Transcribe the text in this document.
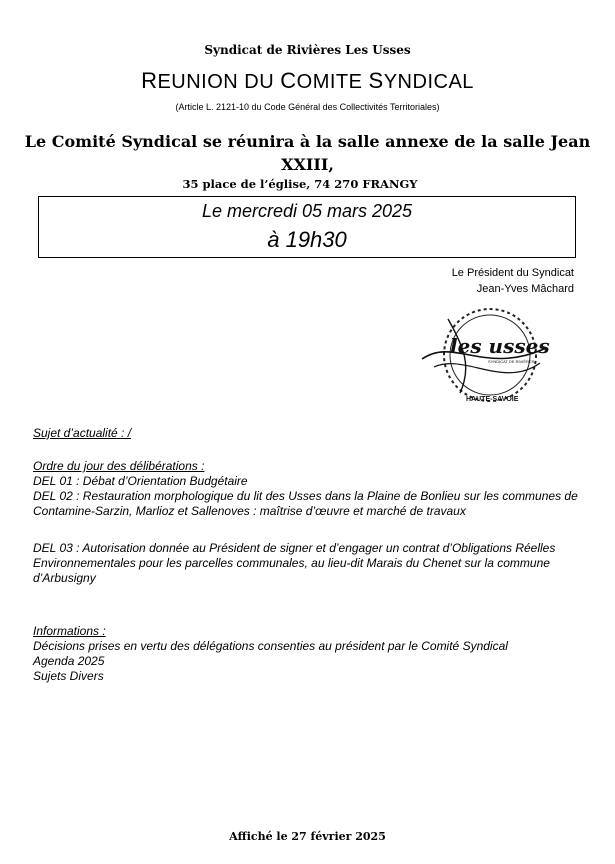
Syndicat de Rivières Les Usses
REUNION DU COMITE SYNDICAL
(Article L. 2121-10 du Code Général des Collectivités Territoriales)
Le Comité Syndical se réunira à la salle annexe de la salle Jean
XXIII,
35 place de l’église, 74 270 FRANGY
Le mercredi 05 mars 2025
à 19h30
Le Président du Syndicat
Jean-Yves Mâchard
les usses
SYNDICAT DE RIVIÈRES
HAUTE-SAVOIE
Sujet d’actualité : /
Ordre du jour des délibérations :
DEL 01 : Débat d’Orientation Budgétaire
DEL 02 : Restauration morphologique du lit des Usses dans la Plaine de Bonlieu sur les communes de Contamine-Sarzin, Marlioz et Sallenoves : maîtrise d’œuvre et marché de travaux
DEL 03 : Autorisation donnée au Président de signer et d’engager un contrat d’Obligations Réelles Environnementales pour les parcelles communales, au lieu-dit Marais du Chenet sur la commune d’Arbusigny
Informations :
Décisions prises en vertu des délégations consenties au président par le Comité Syndical
Agenda 2025
Sujets Divers
Affiché le 27 février 2025
